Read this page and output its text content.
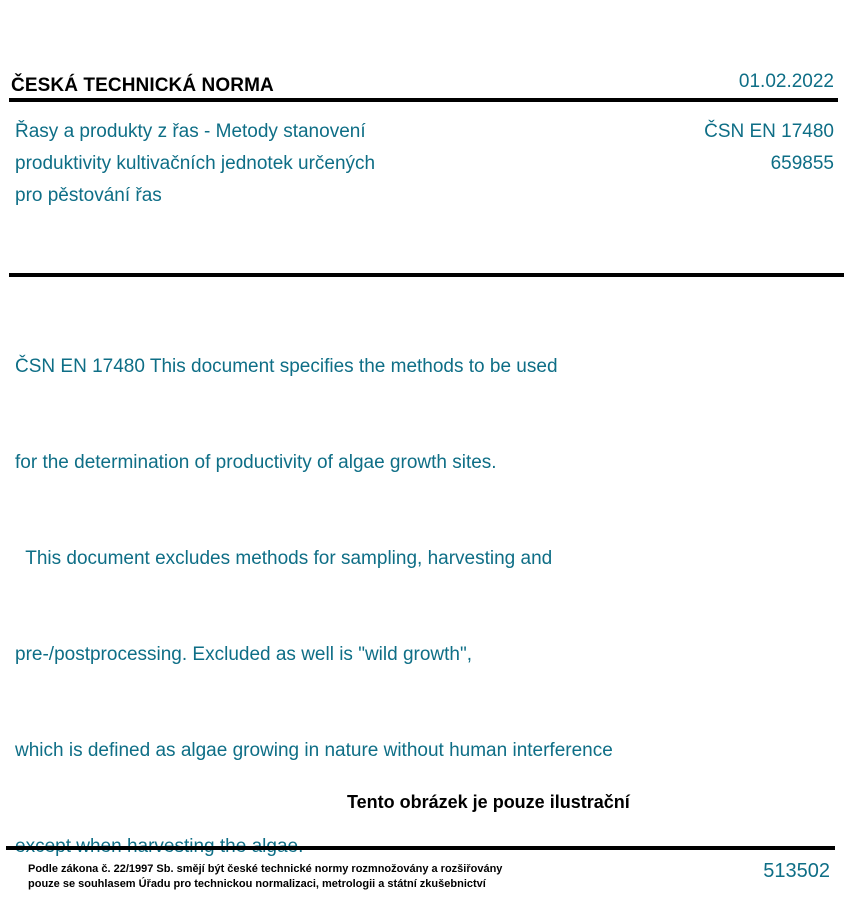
ČESKÁ TECHNICKÁ NORMA	01.02.2022
Řasy a produkty z řas - Metody stanovení
produktivity kultivačních jednotek určených
pro pěstování řas
ČSN EN 17480
659855

ČSN EN 17480 This document specifies the methods to be used

for the determination of productivity of algae growth sites.

This document excludes methods for sampling, harvesting and

pre-/postprocessing. Excluded as well is "wild growth",

which is defined as algae growing in nature without human interference

Tento obrázek je pouze ilustrační
Podle zákona č. 22/1997 Sb. smějí být české technické normy rozmnožovány a rozšiřovány
pouze se souhlasem Úřadu pro technickou normalizaci, metrologii a státní zkušebnictví
513502
